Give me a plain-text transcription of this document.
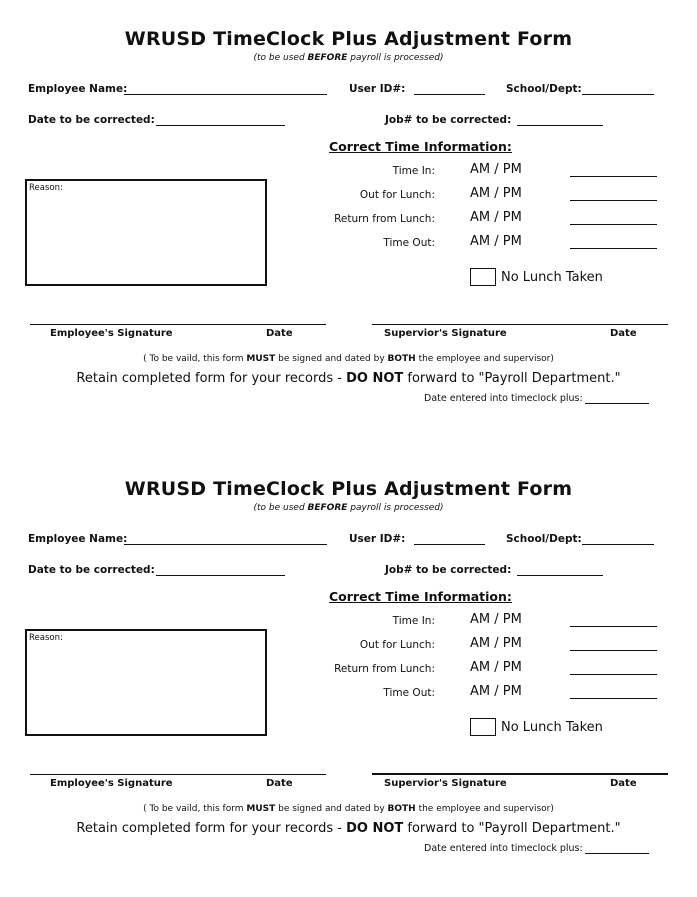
WRUSD TimeClock Plus Adjustment Form
(to be used BEFORE payroll is processed)
Employee Name:	User ID#:	School/Dept:
Date to be corrected:	Job# to be corrected:
Correct Time Information:
Reason:
Time In:	AM / PM
Out for Lunch:	AM / PM
Return from Lunch:	AM / PM
Time Out:	AM / PM
No Lunch Taken
Employee's Signature	Date	Supervior's Signature	Date
( To be vaild, this form MUST be signed and dated by BOTH the employee and supervisor)
Retain completed form for your records - DO NOT forward to "Payroll Department."
Date entered into timeclock plus:
WRUSD TimeClock Plus Adjustment Form
(to be used BEFORE payroll is processed)
Employee Name:	User ID#:	School/Dept:
Date to be corrected:	Job# to be corrected:
Correct Time Information:
Reason:
Time In:	AM / PM
Out for Lunch:	AM / PM
Return from Lunch:	AM / PM
Time Out:	AM / PM
No Lunch Taken
Employee's Signature	Date	Supervior's Signature	Date
( To be vaild, this form MUST be signed and dated by BOTH the employee and supervisor)
Retain completed form for your records - DO NOT forward to "Payroll Department."
Date entered into timeclock plus:
